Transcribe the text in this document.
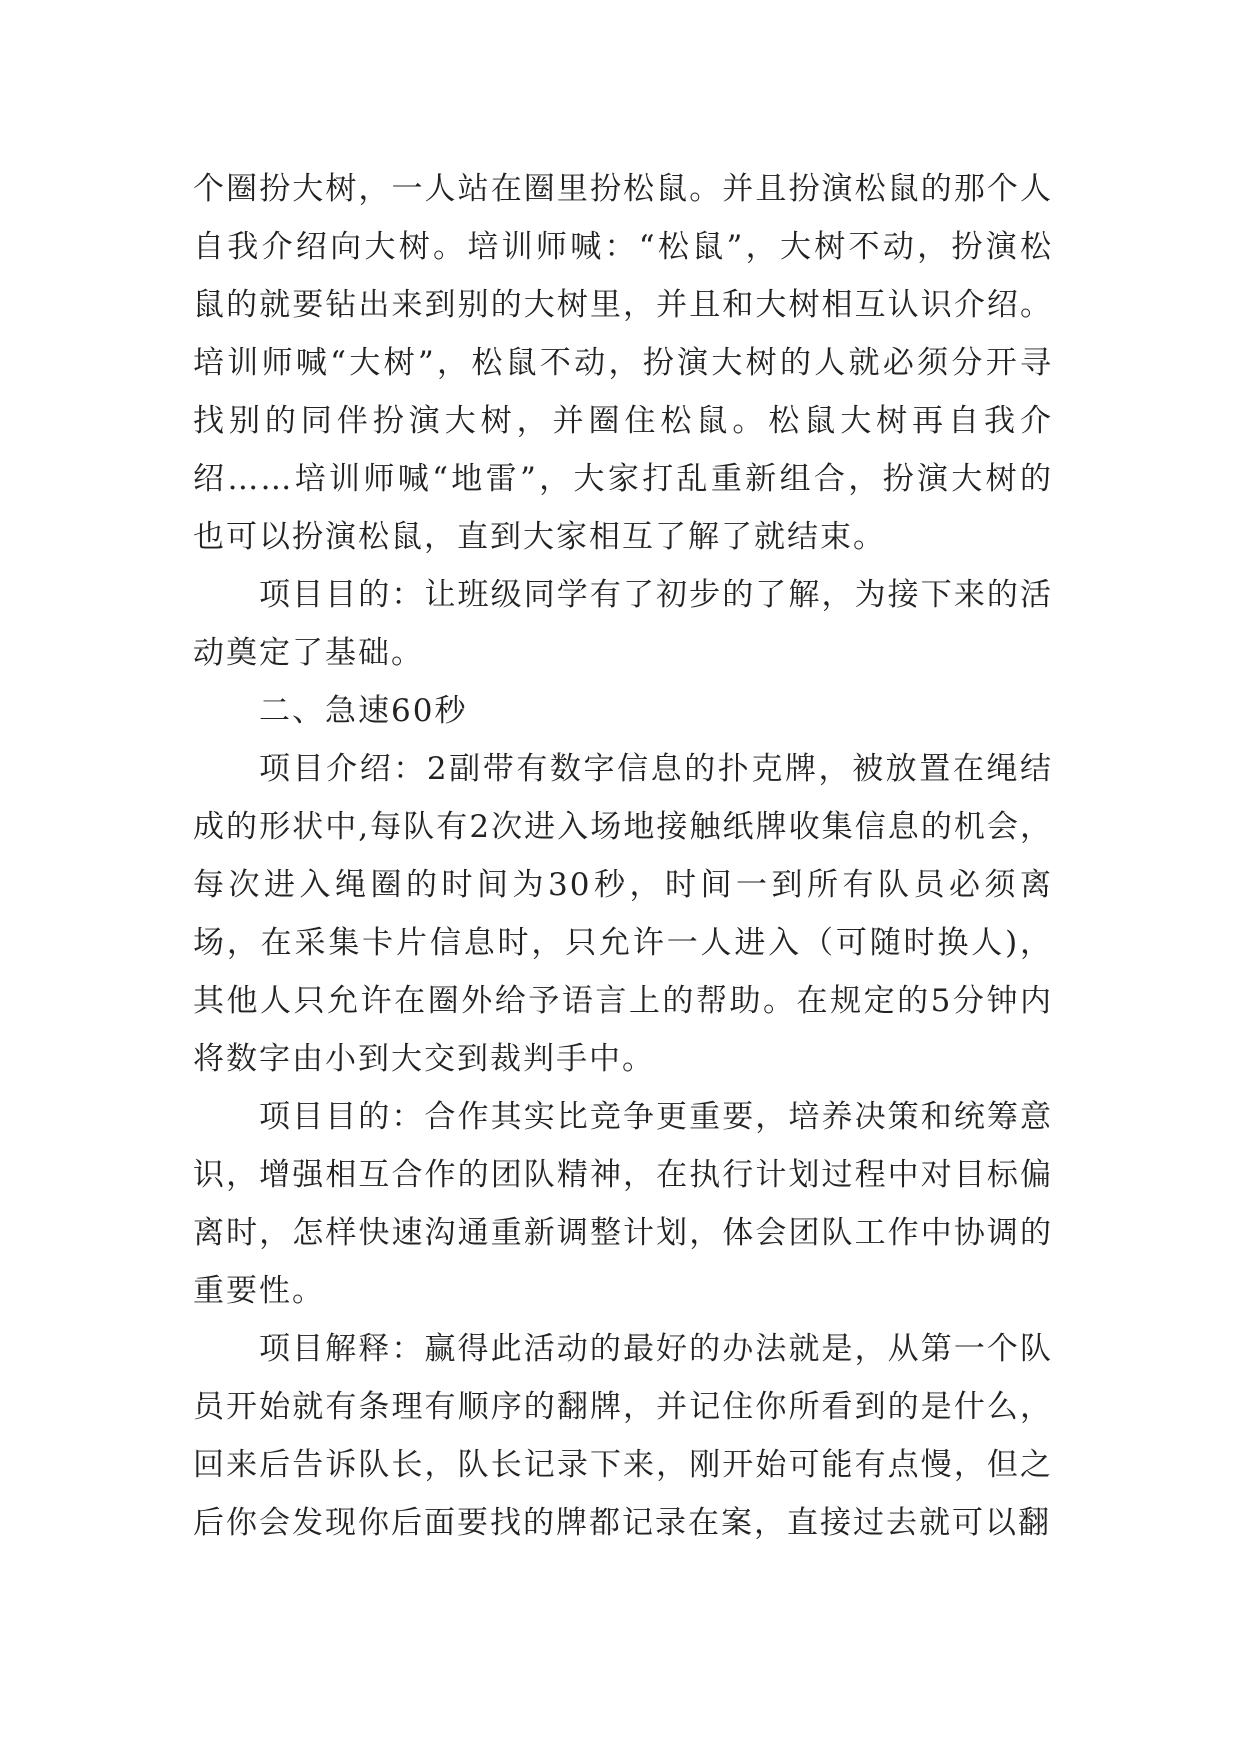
个圈扮大树，一人站在圈里扮松鼠。并且扮演松鼠的那个人自我介绍向大树。培训师喊：“松鼠”，大树不动，扮演松鼠的就要钻出来到别的大树里，并且和大树相互认识介绍。培训师喊“大树”，松鼠不动，扮演大树的人就必须分开寻找别的同伴扮演大树，并圈住松鼠。松鼠大树再自我介绍……培训师喊“地雷”，大家打乱重新组合，扮演大树的也可以扮演松鼠，直到大家相互了解了就结束。

项目目的：让班级同学有了初步的了解，为接下来的活动奠定了基础。

二、急速60秒

项目介绍：2副带有数字信息的扑克牌，被放置在绳结成的形状中,每队有2次进入场地接触纸牌收集信息的机会，每次进入绳圈的时间为30秒，时间一到所有队员必须离场，在采集卡片信息时，只允许一人进入（可随时换人)，其他人只允许在圈外给予语言上的帮助。在规定的5分钟内将数字由小到大交到裁判手中。

项目目的：合作其实比竞争更重要，培养决策和统筹意识，增强相互合作的团队精神，在执行计划过程中对目标偏离时，怎样快速沟通重新调整计划，体会团队工作中协调的重要性。

项目解释：赢得此活动的最好的办法就是，从第一个队员开始就有条理有顺序的翻牌，并记住你所看到的是什么，回来后告诉队长，队长记录下来，刚开始可能有点慢，但之后你会发现你后面要找的牌都记录在案，直接过去就可以翻
